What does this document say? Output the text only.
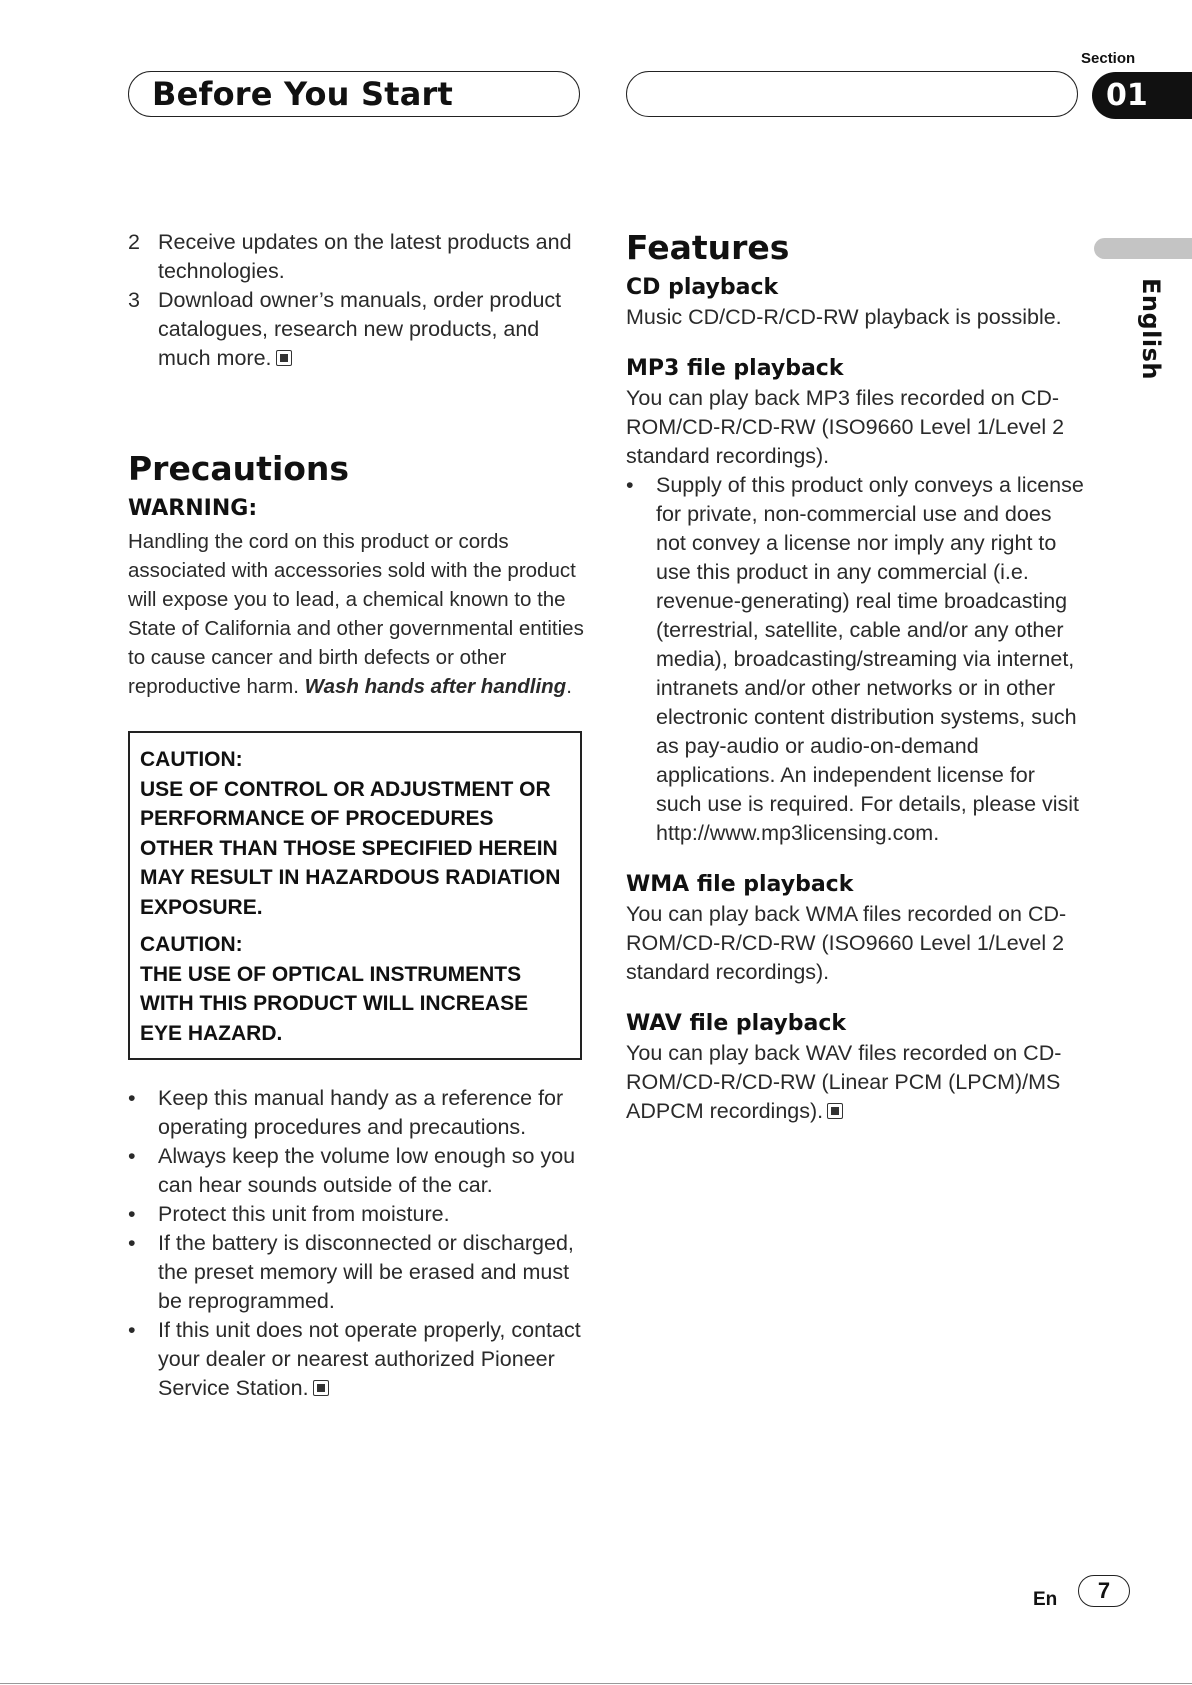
Before You Start
Section
01
English
2 Receive updates on the latest products and technologies.
3 Download owner’s manuals, order product catalogues, research new products, and much more.
Precautions
WARNING:

Handling the cord on this product or cords associated with accessories sold with the product will expose you to lead, a chemical known to the State of California and other governmental entities to cause cancer and birth defects or other reproductive harm. Wash hands after handling.

CAUTION:

USE OF CONTROL OR ADJUSTMENT OR PERFORMANCE OF PROCEDURES OTHER THAN THOSE SPECIFIED HEREIN MAY RESULT IN HAZARDOUS RADIATION EXPOSURE.

CAUTION:

THE USE OF OPTICAL INSTRUMENTS WITH THIS PRODUCT WILL INCREASE EYE HAZARD.

• Keep this manual handy as a reference for operating procedures and precautions.
• Always keep the volume low enough so you can hear sounds outside of the car.
• Protect this unit from moisture.
• If the battery is disconnected or discharged, the preset memory will be erased and must be reprogrammed.
• If this unit does not operate properly, contact your dealer or nearest authorized Pioneer Service Station.
Features
CD playback

Music CD/CD-R/CD-RW playback is possible.

MP3 file playback

You can play back MP3 files recorded on CD-ROM/CD-R/CD-RW (ISO9660 Level 1/Level 2 standard recordings).

• Supply of this product only conveys a license for private, non-commercial use and does not convey a license nor imply any right to use this product in any commercial (i.e. revenue-generating) real time broadcasting (terrestrial, satellite, cable and/or any other media), broadcasting/streaming via internet, intranets and/or other networks or in other electronic content distribution systems, such as pay-audio or audio-on-demand applications. An independent license for such use is required. For details, please visit http://www.mp3licensing.com.
WMA file playback

You can play back WMA files recorded on CD-ROM/CD-R/CD-RW (ISO9660 Level 1/Level 2 standard recordings).

WAV file playback

You can play back WAV files recorded on CD-ROM/CD-R/CD-RW (Linear PCM (LPCM)/MS ADPCM recordings).

En	7
